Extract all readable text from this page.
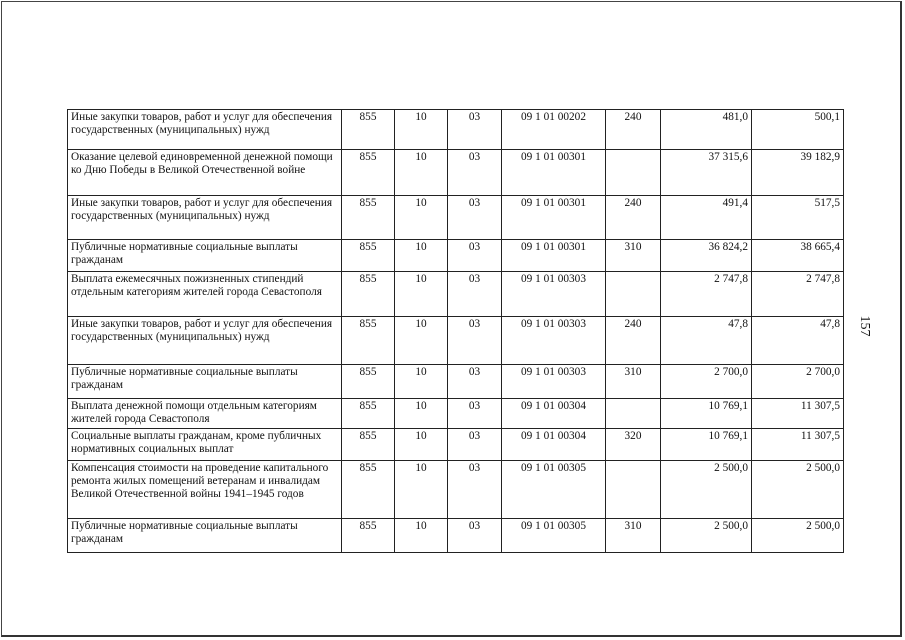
Иные закупки товаров, работ и услуг для обеспечения государственных (муниципальных) нужд	855	10	03	09 1 01 00202	240	481,0	500,1
Оказание целевой единовременной денежной помощи ко Дню Победы в Великой Отечественной войне	855	10	03	09 1 01 00301		37 315,6	39 182,9
Иные закупки товаров, работ и услуг для обеспечения государственных (муниципальных) нужд	855	10	03	09 1 01 00301	240	491,4	517,5
Публичные нормативные социальные выплаты гражданам	855	10	03	09 1 01 00301	310	36 824,2	38 665,4
Выплата ежемесячных пожизненных стипендий отдельным категориям жителей города Севастополя	855	10	03	09 1 01 00303		2 747,8	2 747,8
Иные закупки товаров, работ и услуг для обеспечения государственных (муниципальных) нужд	855	10	03	09 1 01 00303	240	47,8	47,8
Публичные нормативные социальные выплаты гражданам	855	10	03	09 1 01 00303	310	2 700,0	2 700,0
Выплата денежной помощи отдельным категориям жителей города Севастополя	855	10	03	09 1 01 00304		10 769,1	11 307,5
Социальные выплаты гражданам, кроме публичных нормативных социальных выплат	855	10	03	09 1 01 00304	320	10 769,1	11 307,5
Компенсация стоимости на проведение капитального ремонта жилых помещений ветеранам и инвалидам Великой Отечественной войны 1941–1945 годов	855	10	03	09 1 01 00305		2 500,0	2 500,0
Публичные нормативные социальные выплаты гражданам	855	10	03	09 1 01 00305	310	2 500,0	2 500,0
157
